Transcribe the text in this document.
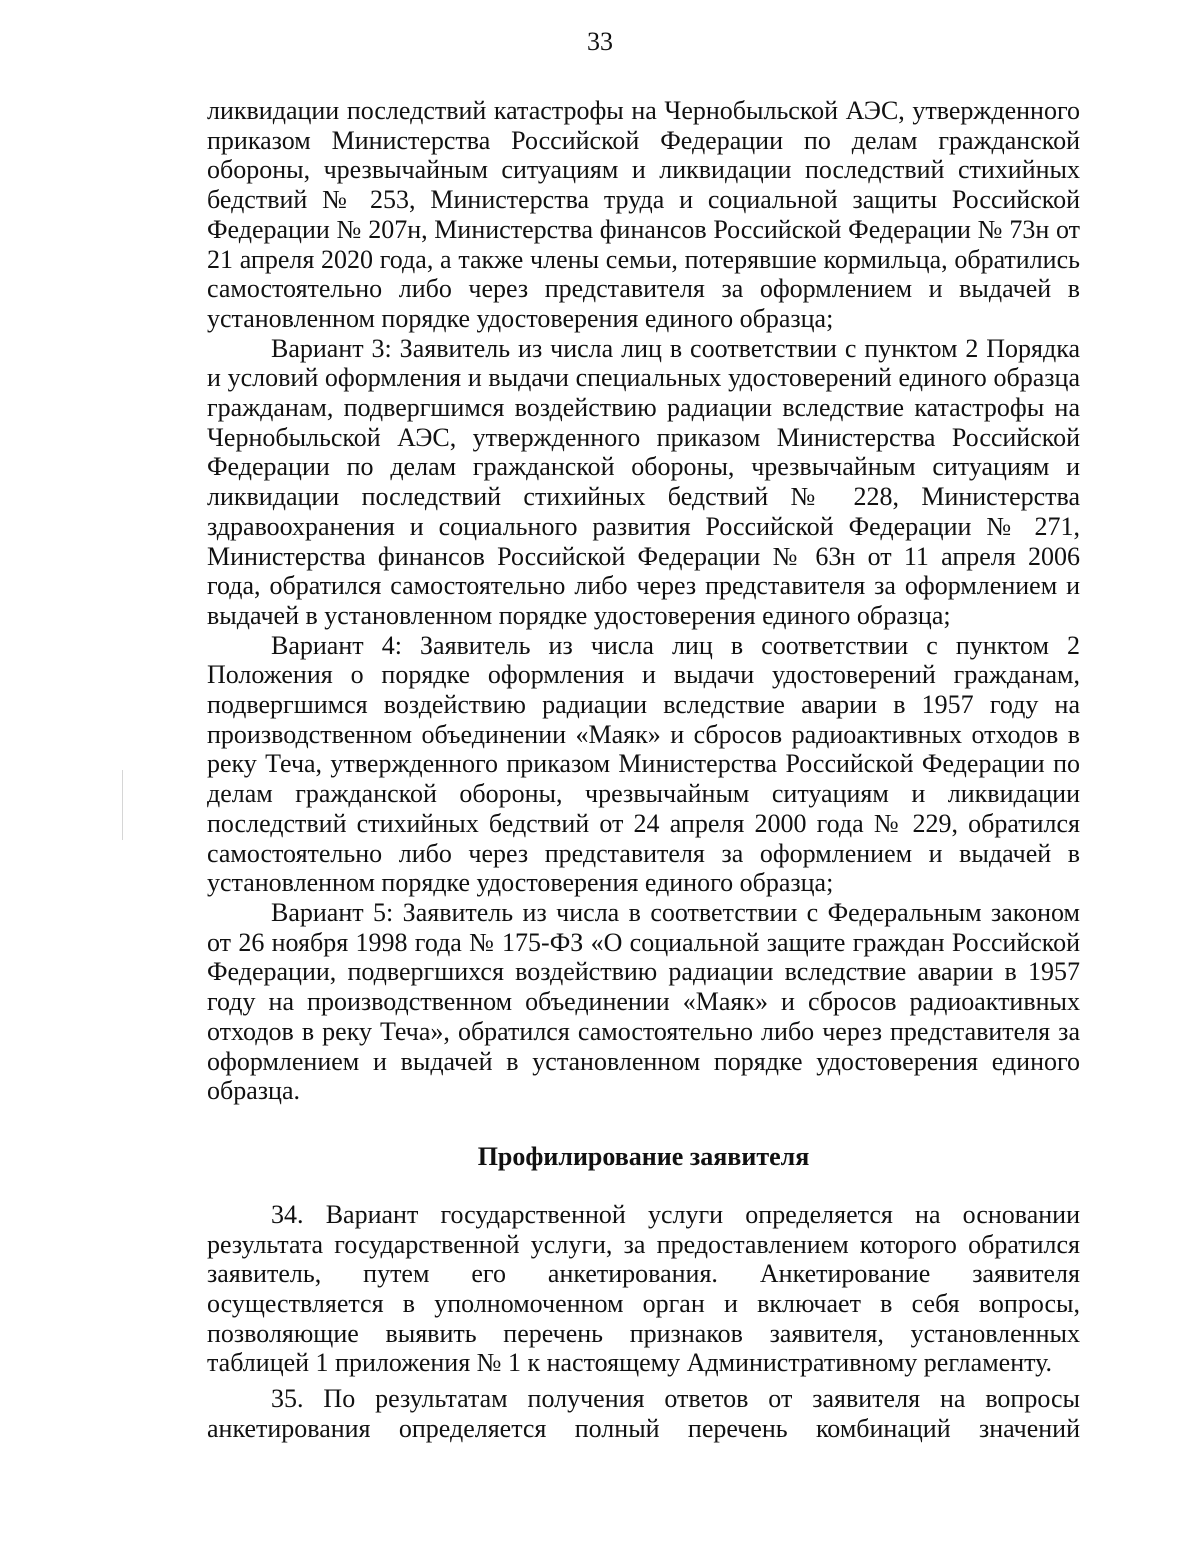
33

ликвидации последствий катастрофы на Чернобыльской АЭС, утвержденного приказом Министерства Российской Федерации по делам гражданской обороны, чрезвычайным ситуациям и ликвидации последствий стихийных бедствий № 253, Министерства труда и социальной защиты Российской Федерации № 207н, Министерства финансов Российской Федерации № 73н от 21 апреля 2020 года, а также члены семьи, потерявшие кормильца, обратились самостоятельно либо через представителя за оформлением и выдачей в установленном порядке удостоверения единого образца;

Вариант 3: Заявитель из числа лиц в соответствии с пунктом 2 Порядка и условий оформления и выдачи специальных удостоверений единого образца гражданам, подвергшимся воздействию радиации вследствие катастрофы на Чернобыльской АЭС, утвержденного приказом Министерства Российской Федерации по делам гражданской обороны, чрезвычайным ситуациям и ликвидации последствий стихийных бедствий № 228, Министерства здравоохранения и социального развития Российской Федерации № 271, Министерства финансов Российской Федерации № 63н от 11 апреля 2006 года, обратился самостоятельно либо через представителя за оформлением и выдачей в установленном порядке удостоверения единого образца;

Вариант 4: Заявитель из числа лиц в соответствии с пунктом 2 Положения о порядке оформления и выдачи удостоверений гражданам, подвергшимся воздействию радиации вследствие аварии в 1957 году на производственном объединении «Маяк» и сбросов радиоактивных отходов в реку Теча, утвержденного приказом Министерства Российской Федерации по делам гражданской обороны, чрезвычайным ситуациям и ликвидации последствий стихийных бедствий от 24 апреля 2000 года № 229, обратился самостоятельно либо через представителя за оформлением и выдачей в установленном порядке удостоверения единого образца;

Вариант 5: Заявитель из числа в соответствии с Федеральным законом от 26 ноября 1998 года № 175-ФЗ «О социальной защите граждан Российской Федерации, подвергшихся воздействию радиации вследствие аварии в 1957 году на производственном объединении «Маяк» и сбросов радиоактивных отходов в реку Теча», обратился самостоятельно либо через представителя за оформлением и выдачей в установленном порядке удостоверения единого образца.

Профилирование заявителя

34. Вариант государственной услуги определяется на основании результата государственной услуги, за предоставлением которого обратился заявитель, путем его анкетирования. Анкетирование заявителя осуществляется в уполномоченном орган и включает в себя вопросы, позволяющие выявить перечень признаков заявителя, установленных таблицей 1 приложения № 1 к настоящему Административному регламенту.

35. По результатам получения ответов от заявителя на вопросы анкетирования определяется полный перечень комбинаций значений
